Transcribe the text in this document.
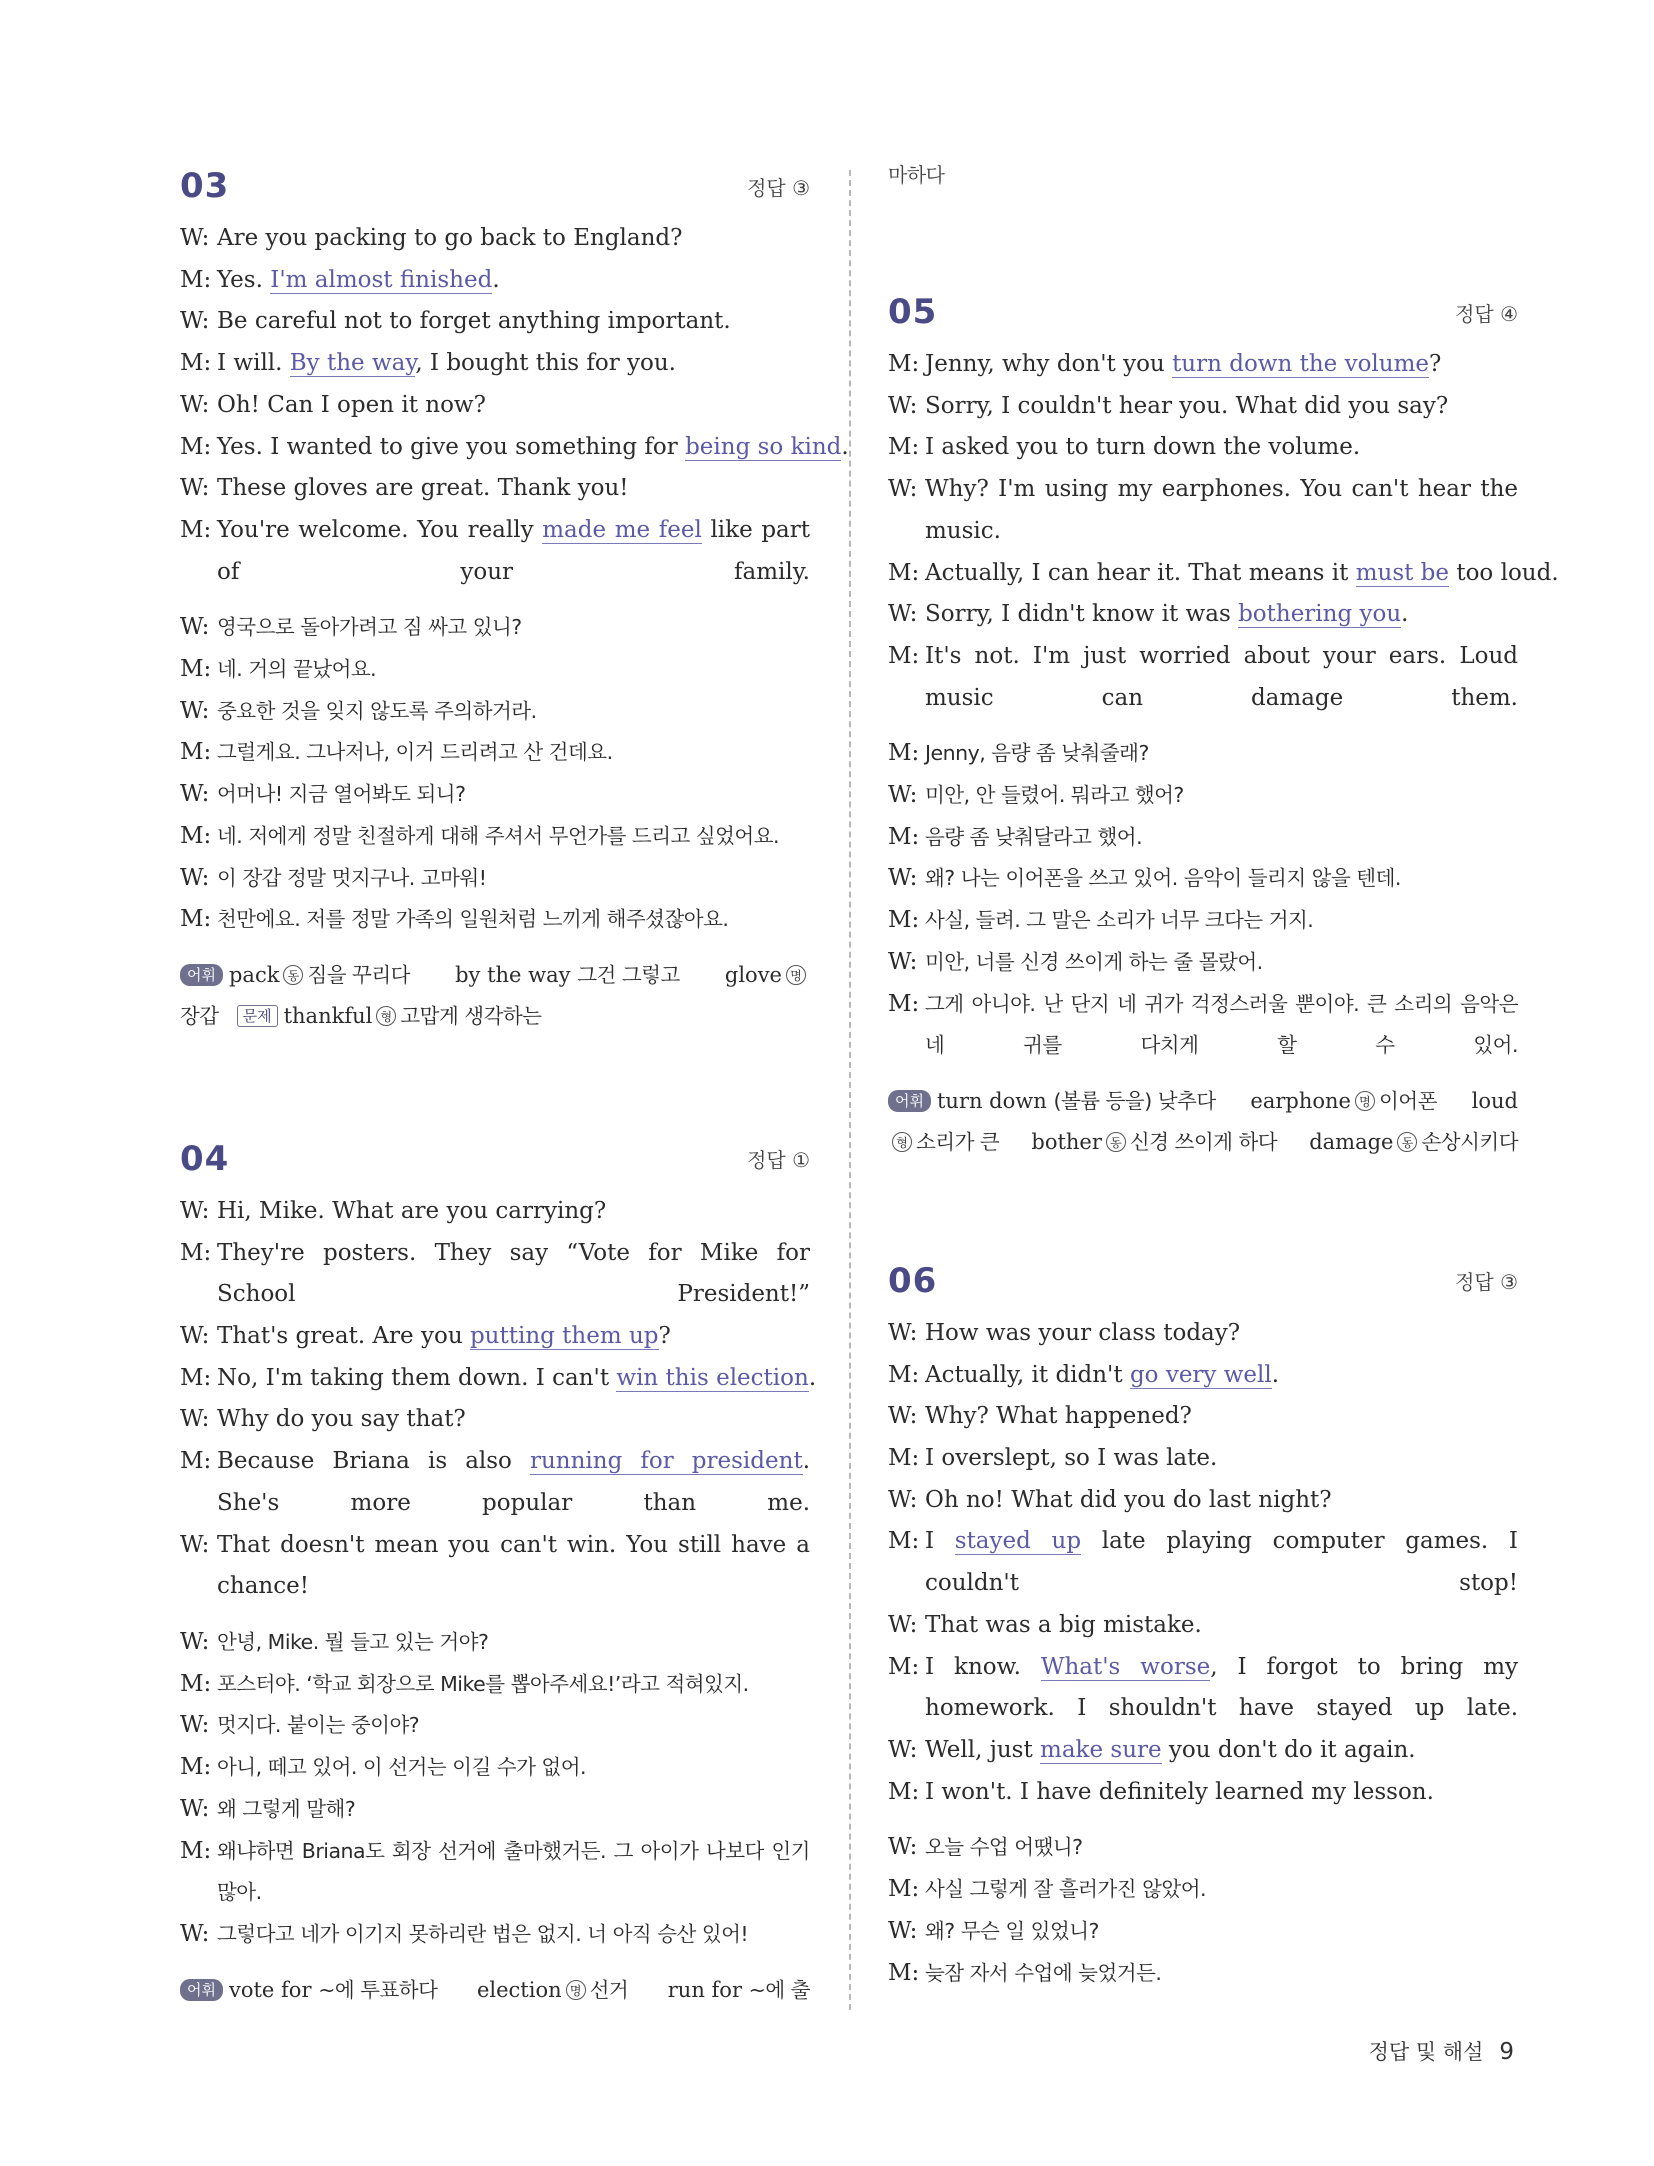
03	정답 ③
W: Are you packing to go back to England?
M: Yes. I'm almost finished.
W: Be careful not to forget anything important.
M: I will. By the way, I bought this for you.
W: Oh! Can I open it now?
M: Yes. I wanted to give you something for being so kind.
W: These gloves are great. Thank you!
M: You're welcome. You really made me feel like part of your family.
W: 영국으로 돌아가려고 짐 싸고 있니?
M: 네. 거의 끝났어요.
W: 중요한 것을 잊지 않도록 주의하거라.
M: 그럴게요. 그나저나, 이거 드리려고 산 건데요.
W: 어머나! 지금 열어봐도 되니?
M: 네. 저에게 정말 친절하게 대해 주셔서 무언가를 드리고 싶었어요.
W: 이 장갑 정말 멋지구나. 고마워!
M: 천만에요. 저를 정말 가족의 일원처럼 느끼게 해주셨잖아요.
어휘 pack 동 짐을 꾸리다 by the way 그건 그렇고 glove 명
장갑 문제 thankful 형 고맙게 생각하는
04	정답 ①
W: Hi, Mike. What are you carrying?
M: They're posters. They say “Vote for Mike for School President!”
W: That's great. Are you putting them up?
M: No, I'm taking them down. I can't win this election.
W: Why do you say that?
M: Because Briana is also running for president. She's more popular than me.
W: That doesn't mean you can't win. You still have a chance!
W: 안녕, Mike. 뭘 들고 있는 거야?
M: 포스터야. ‘학교 회장으로 Mike를 뽑아주세요!’라고 적혀있지.
W: 멋지다. 붙이는 중이야?
M: 아니, 떼고 있어. 이 선거는 이길 수가 없어.
W: 왜 그렇게 말해?
M: 왜냐하면 Briana도 회장 선거에 출마했거든. 그 아이가 나보다 인기 많아.
W: 그렇다고 네가 이기지 못하리란 법은 없지. 너 아직 승산 있어!
어휘 vote for ~에 투표하다 election 명 선거 run for ~에 출
마하다
05	정답 ④
M: Jenny, why don't you turn down the volume?
W: Sorry, I couldn't hear you. What did you say?
M: I asked you to turn down the volume.
W: Why? I'm using my earphones. You can't hear the music.
M: Actually, I can hear it. That means it must be too loud.
W: Sorry, I didn't know it was bothering you.
M: It's not. I'm just worried about your ears. Loud music can damage them.
M: Jenny, 음량 좀 낮춰줄래?
W: 미안, 안 들렸어. 뭐라고 했어?
M: 음량 좀 낮춰달라고 했어.
W: 왜? 나는 이어폰을 쓰고 있어. 음악이 들리지 않을 텐데.
M: 사실, 들려. 그 말은 소리가 너무 크다는 거지.
W: 미안, 너를 신경 쓰이게 하는 줄 몰랐어.
M: 그게 아니야. 난 단지 네 귀가 걱정스러울 뿐이야. 큰 소리의 음악은 네 귀를 다치게 할 수 있어.
어휘 turn down (볼륨 등을) 낮추다 earphone 명 이어폰 loud
형 소리가 큰 bother 동 신경 쓰이게 하다 damage 동 손상시키다
06	정답 ③
W: How was your class today?
M: Actually, it didn't go very well.
W: Why? What happened?
M: I overslept, so I was late.
W: Oh no! What did you do last night?
M: I stayed up late playing computer games. I couldn't stop!
W: That was a big mistake.
M: I know. What's worse, I forgot to bring my homework. I shouldn't have stayed up late.
W: Well, just make sure you don't do it again.
M: I won't. I have definitely learned my lesson.
W: 오늘 수업 어땠니?
M: 사실 그렇게 잘 흘러가진 않았어.
W: 왜? 무슨 일 있었니?
M: 늦잠 자서 수업에 늦었거든.
정답 및 해설 9
